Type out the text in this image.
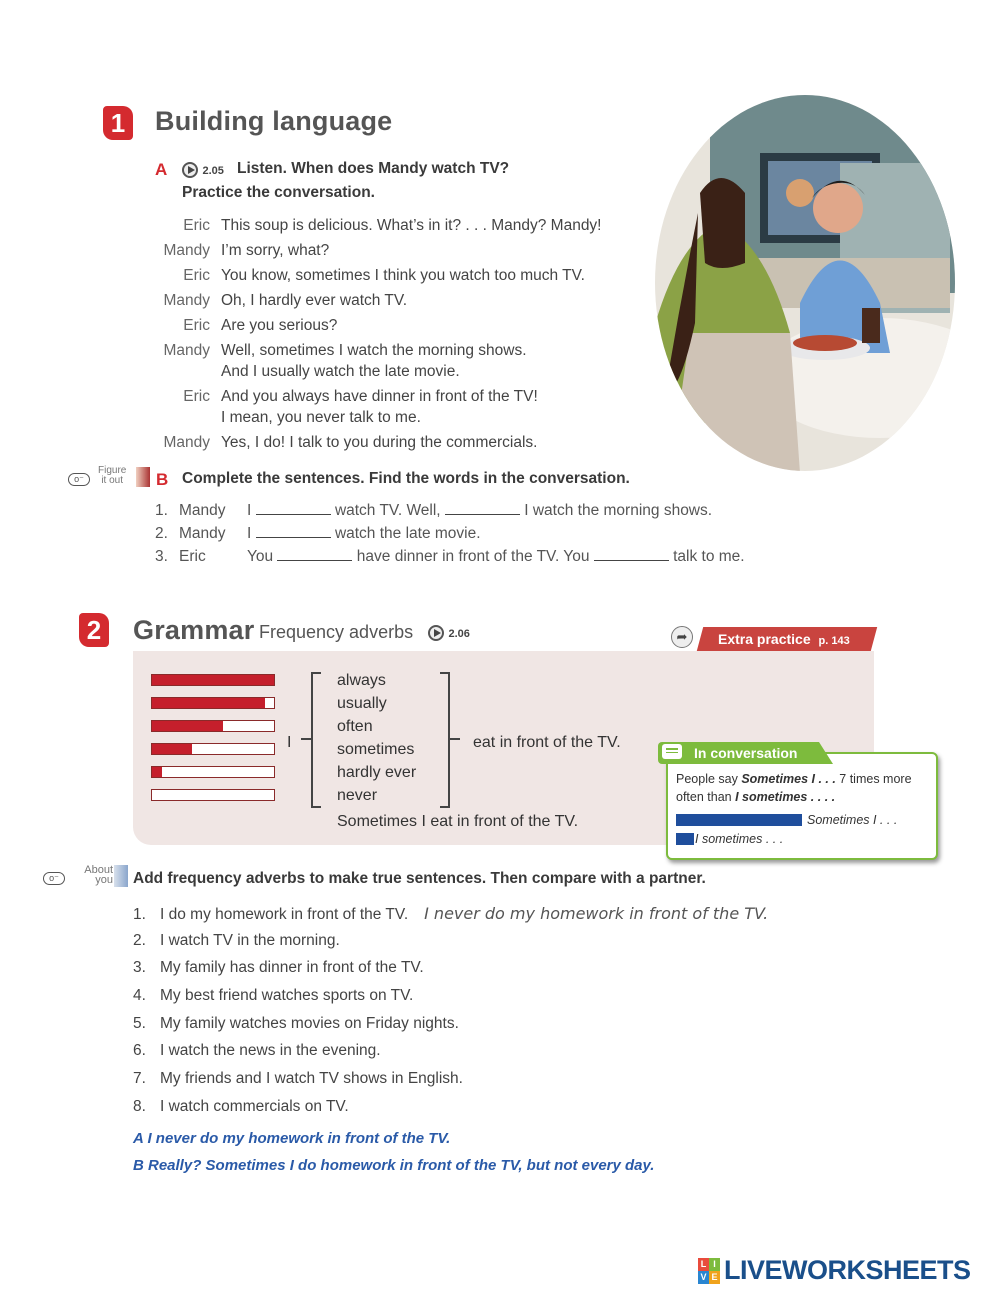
1 Building language
A	2.05 Listen. When does Mandy watch TV?
Practice the conversation.
Eric This soup is delicious. What’s in it? . . . Mandy? Mandy!
Mandy I’m sorry, what?
Eric You know, sometimes I think you watch too much TV.
Mandy Oh, I hardly ever watch TV.
Eric Are you serious?
Mandy Well, sometimes I watch the morning shows.
And I usually watch the late movie.
Eric And you always have dinner in front of the TV!
I mean, you never talk to me.
Mandy Yes, I do! I talk to you during the commercials.
o⁻
Figure
it out B Complete the sentences. Find the words in the conversation.
1. Mandy I	watch TV. Well,	I watch the morning shows.
2. Mandy I	watch the late movie.
3. Eric	You	have dinner in front of the TV. You	talk to me.
2 Grammar Frequency adverbs	2.06	➦	Extra practice p. 143
I
always
usually
often
sometimes
hardly ever
never
eat in front of the TV.
Sometimes I eat in front of the TV.
In conversation
People say Sometimes I . . . 7 times more
often than I sometimes . . . .
Sometimes I . . .
I sometimes . . .
o⁻
About
you Add frequency adverbs to make true sentences. Then compare with a partner.
1. I do my homework in front of the TV. I never do my homework in front of the TV.
2. I watch TV in the morning.
3. My family has dinner in front of the TV.
4. My best friend watches sports on TV.
5. My family watches movies on Friday nights.
6. I watch the news in the evening.
7. My friends and I watch TV shows in English.
8. I watch commercials on TV.
A I never do my homework in front of the TV.
B Really? Sometimes I do homework in front of the TV, but not every day.
L I
V E LIVEWORKSHEETS
